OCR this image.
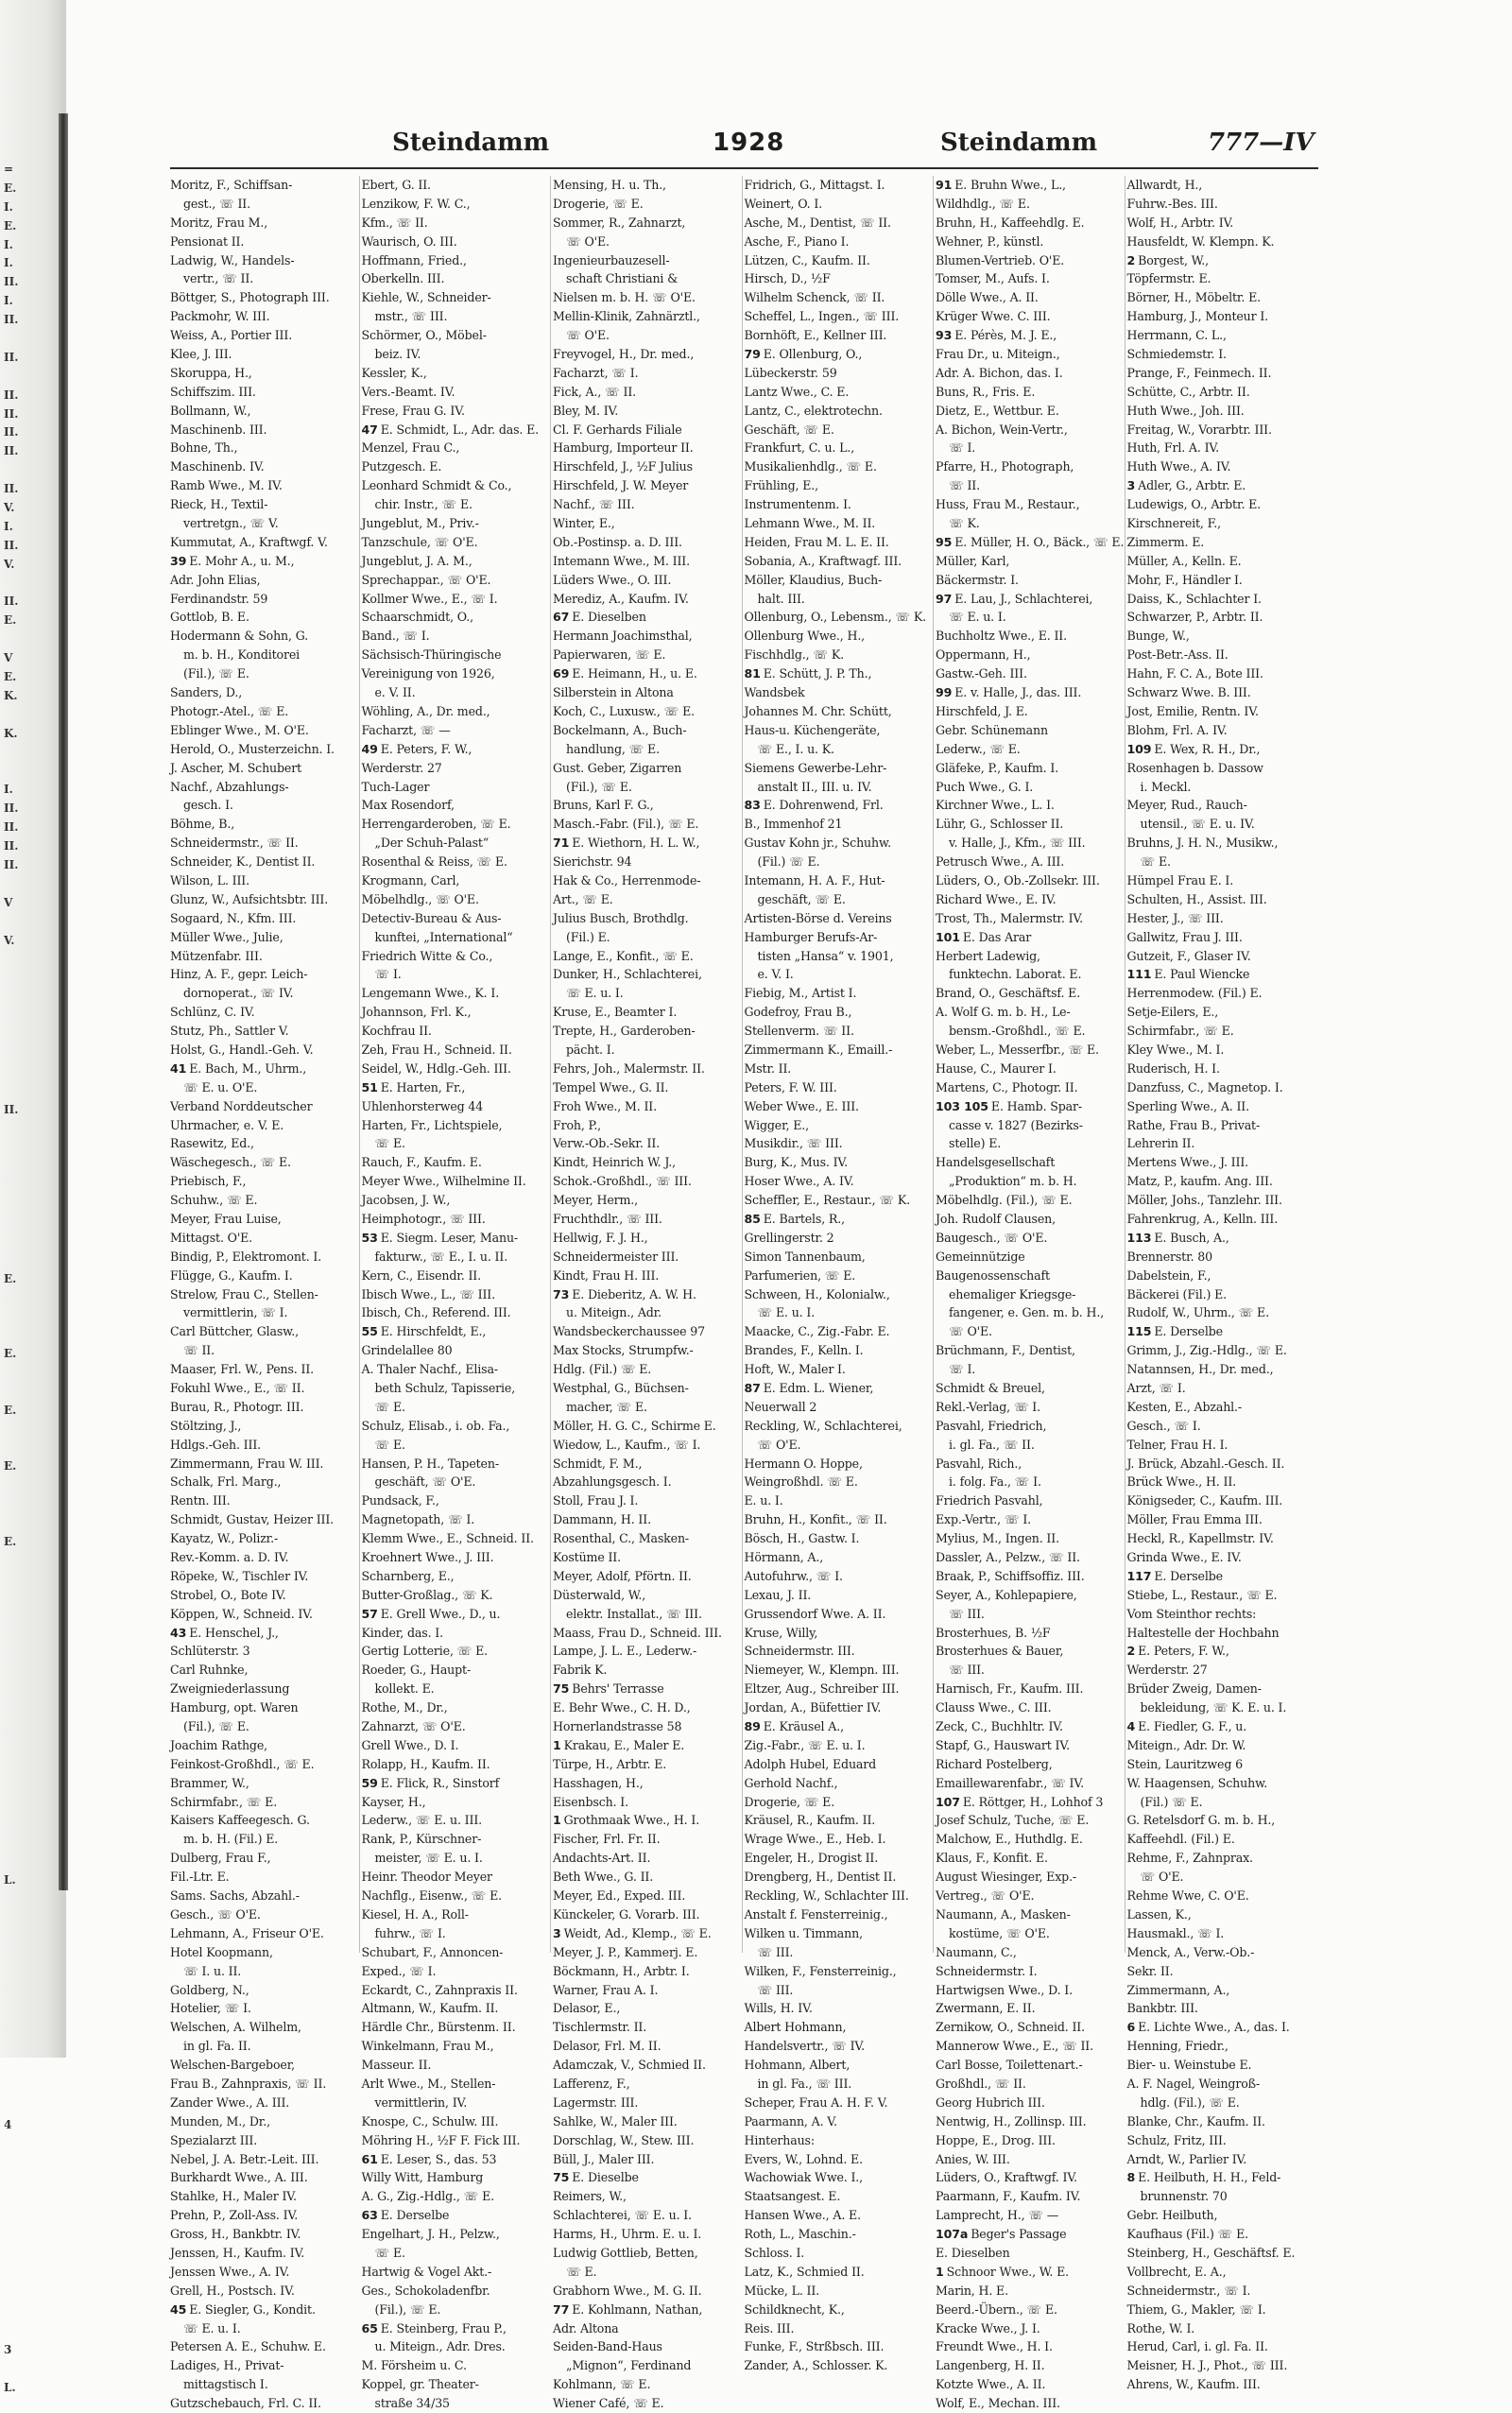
=
E.
I.
E.
I.
I.
II.
I.
II.
II.
II.
II.
II.
II.
II.
V.
I.
II.
V.
II.
E.
V
E.
K.
K.
I.
II.
II.
II.
II.
V
V.
II.
E.
E.
E.
E.
E.
L.
4
3
L.
Steindamm	1928	Steindamm	777—IV
Moritz, F., Schiffsan-
gest., ☏ II.
Moritz, Frau M.,
Pensionat II.
Ladwig, W., Handels-
vertr., ☏ II.
Böttger, S., Photograph III.
Packmohr, W. III.
Weiss, A., Portier III.
Klee, J. III.
Skoruppa, H.,
Schiffszim. III.
Bollmann, W.,
Maschinenb. III.
Bohne, Th.,
Maschinenb. IV.
Ramb Wwe., M. IV.
Rieck, H., Textil-
vertretgn., ☏ V.
Kummutat, A., Kraftwgf. V.
39 E. Mohr A., u. M.,
Adr. John Elias,
Ferdinandstr. 59
Gottlob, B. E.
Hodermann & Sohn, G.
m. b. H., Konditorei
(Fil.), ☏ E.
Sanders, D.,
Photogr.-Atel., ☏ E.
Eblinger Wwe., M. O'E.
Herold, O., Musterzeichn. I.
J. Ascher, M. Schubert
Nachf., Abzahlungs-
gesch. I.
Böhme, B.,
Schneidermstr., ☏ II.
Schneider, K., Dentist II.
Wilson, L. III.
Glunz, W., Aufsichtsbtr. III.
Sogaard, N., Kfm. III.
Müller Wwe., Julie,
Mützenfabr. III.
Hinz, A. F., gepr. Leich-
dornoperat., ☏ IV.
Schlünz, C. IV.
Stutz, Ph., Sattler V.
Holst, G., Handl.-Geh. V.
41 E. Bach, M., Uhrm.,
☏ E. u. O'E.
Verband Norddeutscher
Uhrmacher, e. V. E.
Rasewitz, Ed.,
Wäschegesch., ☏ E.
Priebisch, F.,
Schuhw., ☏ E.
Meyer, Frau Luise,
Mittagst. O'E.
Bindig, P., Elektromont. I.
Flügge, G., Kaufm. I.
Strelow, Frau C., Stellen-
vermittlerin, ☏ I.
Carl Büttcher, Glasw.,
☏ II.
Maaser, Frl. W., Pens. II.
Fokuhl Wwe., E., ☏ II.
Burau, R., Photogr. III.
Stöltzing, J.,
Hdlgs.-Geh. III.
Zimmermann, Frau W. III.
Schalk, Frl. Marg.,
Rentn. III.
Schmidt, Gustav, Heizer III.
Kayatz, W., Polizr.-
Rev.-Komm. a. D. IV.
Röpeke, W., Tischler IV.
Strobel, O., Bote IV.
Köppen, W., Schneid. IV.
43 E. Henschel, J.,
Schlüterstr. 3
Carl Ruhnke,
Zweigniederlassung
Hamburg, opt. Waren
(Fil.), ☏ E.
Joachim Rathge,
Feinkost-Großhdl., ☏ E.
Brammer, W.,
Schirmfabr., ☏ E.
Kaisers Kaffeegesch. G.
m. b. H. (Fil.) E.
Dulberg, Frau F.,
Fil.-Ltr. E.
Sams. Sachs, Abzahl.-
Gesch., ☏ O'E.
Lehmann, A., Friseur O'E.
Hotel Koopmann,
☏ I. u. II.
Goldberg, N.,
Hotelier, ☏ I.
Welschen, A. Wilhelm,
in gl. Fa. II.
Welschen-Bargeboer,
Frau B., Zahnpraxis, ☏ II.
Zander Wwe., A. III.
Munden, M., Dr.,
Spezialarzt III.
Nebel, J. A. Betr.-Leit. III.
Burkhardt Wwe., A. III.
Stahlke, H., Maler IV.
Prehn, P., Zoll-Ass. IV.
Gross, H., Bankbtr. IV.
Jenssen, H., Kaufm. IV.
Jenssen Wwe., A. IV.
Grell, H., Postsch. IV.
45 E. Siegler, G., Kondit.
☏ E. u. I.
Petersen A. E., Schuhw. E.
Ladiges, H., Privat-
mittagstisch I.
Gutzschebauch, Frl. C. II.
Ebert, G. II.
Lenzikow, F. W. C.,
Kfm., ☏ II.
Waurisch, O. III.
Hoffmann, Fried.,
Oberkelln. III.
Kiehle, W., Schneider-
mstr., ☏ III.
Schörmer, O., Möbel-
beiz. IV.
Kessler, K.,
Vers.-Beamt. IV.
Frese, Frau G. IV.
47 E. Schmidt, L., Adr. das. E.
Menzel, Frau C.,
Putzgesch. E.
Leonhard Schmidt & Co.,
chir. Instr., ☏ E.
Jungeblut, M., Priv.-
Tanzschule, ☏ O'E.
Jungeblut, J. A. M.,
Sprechappar., ☏ O'E.
Kollmer Wwe., E., ☏ I.
Schaarschmidt, O.,
Band., ☏ I.
Sächsisch-Thüringische
Vereinigung von 1926,
e. V. II.
Wöhling, A., Dr. med.,
Facharzt, ☏ —
49 E. Peters, F. W.,
Werderstr. 27
Tuch-Lager
Max Rosendorf,
Herrengarderoben, ☏ E.
„Der Schuh-Palast“
Rosenthal & Reiss, ☏ E.
Krogmann, Carl,
Möbelhdlg., ☏ O'E.
Detectiv-Bureau & Aus-
kunftei, „International“
Friedrich Witte & Co.,
☏ I.
Lengemann Wwe., K. I.
Johannson, Frl. K.,
Kochfrau II.
Zeh, Frau H., Schneid. II.
Seidel, W., Hdlg.-Geh. III.
51 E. Harten, Fr.,
Uhlenhorsterweg 44
Harten, Fr., Lichtspiele,
☏ E.
Rauch, F., Kaufm. E.
Meyer Wwe., Wilhelmine II.
Jacobsen, J. W.,
Heimphotogr., ☏ III.
53 E. Siegm. Leser, Manu-
fakturw., ☏ E., I. u. II.
Kern, C., Eisendr. II.
Ibisch Wwe., L., ☏ III.
Ibisch, Ch., Referend. III.
55 E. Hirschfeldt, E.,
Grindelallee 80
A. Thaler Nachf., Elisa-
beth Schulz, Tapisserie,
☏ E.
Schulz, Elisab., i. ob. Fa.,
☏ E.
Hansen, P. H., Tapeten-
geschäft, ☏ O'E.
Pundsack, F.,
Magnetopath, ☏ I.
Klemm Wwe., E., Schneid. II.
Kroehnert Wwe., J. III.
Scharnberg, E.,
Butter-Großlag., ☏ K.
57 E. Grell Wwe., D., u.
Kinder, das. I.
Gertig Lotterie, ☏ E.
Roeder, G., Haupt-
kollekt. E.
Rothe, M., Dr.,
Zahnarzt, ☏ O'E.
Grell Wwe., D. I.
Rolapp, H., Kaufm. II.
59 E. Flick, R., Sinstorf
Kayser, H.,
Lederw., ☏ E. u. III.
Rank, P., Kürschner-
meister, ☏ E. u. I.
Heinr. Theodor Meyer
Nachflg., Eisenw., ☏ E.
Kiesel, H. A., Roll-
fuhrw., ☏ I.
Schubart, F., Annoncen-
Exped., ☏ I.
Eckardt, C., Zahnpraxis II.
Altmann, W., Kaufm. II.
Härdle Chr., Bürstenm. II.
Winkelmann, Frau M.,
Masseur. II.
Arlt Wwe., M., Stellen-
vermittlerin, IV.
Knospe, C., Schulw. III.
Möhring H., ½F F. Fick III.
61 E. Leser, S., das. 53
Willy Witt, Hamburg
A. G., Zig.-Hdlg., ☏ E.
63 E. Derselbe
Engelhart, J. H., Pelzw.,
☏ E.
Hartwig & Vogel Akt.-
Ges., Schokoladenfbr.
(Fil.), ☏ E.
65 E. Steinberg, Frau P.,
u. Miteign., Adr. Dres.
M. Försheim u. C.
Koppel, gr. Theater-
straße 34/35
Mensing, H. u. Th.,
Drogerie, ☏ E.
Sommer, R., Zahnarzt,
☏ O'E.
Ingenieurbauzesell-
schaft Christiani &
Nielsen m. b. H. ☏ O'E.
Mellin-Klinik, Zahnärztl.,
☏ O'E.
Freyvogel, H., Dr. med.,
Facharzt, ☏ I.
Fick, A., ☏ II.
Bley, M. IV.
Cl. F. Gerhards Filiale
Hamburg, Importeur II.
Hirschfeld, J., ½F Julius
Hirschfeld, J. W. Meyer
Nachf., ☏ III.
Winter, E.,
Ob.-Postinsp. a. D. III.
Intemann Wwe., M. III.
Lüders Wwe., O. III.
Merediz, A., Kaufm. IV.
67 E. Dieselben
Hermann Joachimsthal,
Papierwaren, ☏ E.
69 E. Heimann, H., u. E.
Silberstein in Altona
Koch, C., Luxusw., ☏ E.
Bockelmann, A., Buch-
handlung, ☏ E.
Gust. Geber, Zigarren
(Fil.), ☏ E.
Bruns, Karl F. G.,
Masch.-Fabr. (Fil.), ☏ E.
71 E. Wiethorn, H. L. W.,
Sierichstr. 94
Hak & Co., Herrenmode-
Art., ☏ E.
Julius Busch, Brothdlg.
(Fil.) E.
Lange, E., Konfit., ☏ E.
Dunker, H., Schlachterei,
☏ E. u. I.
Kruse, E., Beamter I.
Trepte, H., Garderoben-
pächt. I.
Fehrs, Joh., Malermstr. II.
Tempel Wwe., G. II.
Froh Wwe., M. II.
Froh, P.,
Verw.-Ob.-Sekr. II.
Kindt, Heinrich W. J.,
Schok.-Großhdl., ☏ III.
Meyer, Herm.,
Fruchthdlr., ☏ III.
Hellwig, F. J. H.,
Schneidermeister III.
Kindt, Frau H. III.
73 E. Dieberitz, A. W. H.
u. Miteign., Adr.
Wandsbeckerchaussee 97
Max Stocks, Strumpfw.-
Hdlg. (Fil.) ☏ E.
Westphal, G., Büchsen-
macher, ☏ E.
Möller, H. G. C., Schirme E.
Wiedow, L., Kaufm., ☏ I.
Schmidt, F. M.,
Abzahlungsgesch. I.
Stoll, Frau J. I.
Dammann, H. II.
Rosenthal, C., Masken-
Kostüme II.
Meyer, Adolf, Pförtn. II.
Düsterwald, W.,
elektr. Installat., ☏ III.
Maass, Frau D., Schneid. III.
Lampe, J. L. E., Lederw.-
Fabrik K.
75 Behrs' Terrasse
E. Behr Wwe., C. H. D.,
Hornerlandstrasse 58
1 Krakau, E., Maler E.
Türpe, H., Arbtr. E.
Hasshagen, H.,
Eisenbsch. I.
1 Grothmaak Wwe., H. I.
Fischer, Frl. Fr. II.
Andachts-Art. II.
Beth Wwe., G. II.
Meyer, Ed., Exped. III.
Künckeler, G. Vorarb. III.
3 Weidt, Ad., Klemp., ☏ E.
Meyer, J. P., Kammerj. E.
Böckmann, H., Arbtr. I.
Warner, Frau A. I.
Delasor, E.,
Tischlermstr. II.
Delasor, Frl. M. II.
Adamczak, V., Schmied II.
Lafferenz, F.,
Lagermstr. III.
Sahlke, W., Maler III.
Dorschlag, W., Stew. III.
Büll, J., Maler III.
75 E. Dieselbe
Reimers, W.,
Schlachterei, ☏ E. u. I.
Harms, H., Uhrm. E. u. I.
Ludwig Gottlieb, Betten,
☏ E.
Grabhorn Wwe., M. G. II.
77 E. Kohlmann, Nathan,
Adr. Altona
Seiden-Band-Haus
„Mignon“, Ferdinand
Kohlmann, ☏ E.
Wiener Café, ☏ E.
Fridrich, G., Mittagst. I.
Weinert, O. I.
Asche, M., Dentist, ☏ II.
Asche, F., Piano I.
Lützen, C., Kaufm. II.
Hirsch, D., ½F
Wilhelm Schenck, ☏ II.
Scheffel, L., Ingen., ☏ III.
Bornhöft, E., Kellner III.
79 E. Ollenburg, O.,
Lübeckerstr. 59
Lantz Wwe., C. E.
Lantz, C., elektrotechn.
Geschäft, ☏ E.
Frankfurt, C. u. L.,
Musikalienhdlg., ☏ E.
Frühling, E.,
Instrumentenm. I.
Lehmann Wwe., M. II.
Heiden, Frau M. L. E. II.
Sobania, A., Kraftwagf. III.
Möller, Klaudius, Buch-
halt. III.
Ollenburg, O., Lebensm., ☏ K.
Ollenburg Wwe., H.,
Fischhdlg., ☏ K.
81 E. Schütt, J. P. Th.,
Wandsbek
Johannes M. Chr. Schütt,
Haus-u. Küchengeräte,
☏ E., I. u. K.
Siemens Gewerbe-Lehr-
anstalt II., III. u. IV.
83 E. Dohrenwend, Frl.
B., Immenhof 21
Gustav Kohn jr., Schuhw.
(Fil.) ☏ E.
Intemann, H. A. F., Hut-
geschäft, ☏ E.
Artisten-Börse d. Vereins
Hamburger Berufs-Ar-
tisten „Hansa“ v. 1901,
e. V. I.
Fiebig, M., Artist I.
Godefroy, Frau B.,
Stellenverm. ☏ II.
Zimmermann K., Emaill.-
Mstr. II.
Peters, F. W. III.
Weber Wwe., E. III.
Wigger, E.,
Musikdir., ☏ III.
Burg, K., Mus. IV.
Hoser Wwe., A. IV.
Scheffler, E., Restaur., ☏ K.
85 E. Bartels, R.,
Grellingerstr. 2
Simon Tannenbaum,
Parfumerien, ☏ E.
Schween, H., Kolonialw.,
☏ E. u. I.
Maacke, C., Zig.-Fabr. E.
Brandes, F., Kelln. I.
Hoft, W., Maler I.
87 E. Edm. L. Wiener,
Neuerwall 2
Reckling, W., Schlachterei,
☏ O'E.
Hermann O. Hoppe,
Weingroßhdl. ☏ E.
E. u. I.
Bruhn, H., Konfit., ☏ II.
Bösch, H., Gastw. I.
Hörmann, A.,
Autofuhrw., ☏ I.
Lexau, J. II.
Grussendorf Wwe. A. II.
Kruse, Willy,
Schneidermstr. III.
Niemeyer, W., Klempn. III.
Eltzer, Aug., Schreiber III.
Jordan, A., Büfettier IV.
89 E. Kräusel A.,
Zig.-Fabr., ☏ E. u. I.
Adolph Hubel, Eduard
Gerhold Nachf.,
Drogerie, ☏ E.
Kräusel, R., Kaufm. II.
Wrage Wwe., E., Heb. I.
Engeler, H., Drogist II.
Drengberg, H., Dentist II.
Reckling, W., Schlachter III.
Anstalt f. Fensterreinig.,
Wilken u. Timmann,
☏ III.
Wilken, F., Fensterreinig.,
☏ III.
Wills, H. IV.
Albert Hohmann,
Handelsvertr., ☏ IV.
Hohmann, Albert,
in gl. Fa., ☏ III.
Scheper, Frau A. H. F. V.
Paarmann, A. V.
Hinterhaus:
Evers, W., Lohnd. E.
Wachowiak Wwe. I.,
Staatsangest. E.
Hansen Wwe., A. E.
Roth, L., Maschin.-
Schloss. I.
Latz, K., Schmied II.
Mücke, L. II.
Schildknecht, K.,
Reis. III.
Funke, F., Strßbsch. III.
Zander, A., Schlosser. K.
91 E. Bruhn Wwe., L.,
Wildhdlg., ☏ E.
Bruhn, H., Kaffeehdlg. E.
Wehner, P., künstl.
Blumen-Vertrieb. O'E.
Tomser, M., Aufs. I.
Dölle Wwe., A. II.
Krüger Wwe. C. III.
93 E. Pérès, M. J. E.,
Frau Dr., u. Miteign.,
Adr. A. Bichon, das. I.
Buns, R., Fris. E.
Dietz, E., Wettbur. E.
A. Bichon, Wein-Vertr.,
☏ I.
Pfarre, H., Photograph,
☏ II.
Huss, Frau M., Restaur.,
☏ K.
95 E. Müller, H. O., Bäck., ☏ E.
Müller, Karl,
Bäckermstr. I.
97 E. Lau, J., Schlachterei,
☏ E. u. I.
Buchholtz Wwe., E. II.
Oppermann, H.,
Gastw.-Geh. III.
99 E. v. Halle, J., das. III.
Hirschfeld, J. E.
Gebr. Schünemann
Lederw., ☏ E.
Gläfeke, P., Kaufm. I.
Puch Wwe., G. I.
Kirchner Wwe., L. I.
Lühr, G., Schlosser II.
v. Halle, J., Kfm., ☏ III.
Petrusch Wwe., A. III.
Lüders, O., Ob.-Zollsekr. III.
Richard Wwe., E. IV.
Trost, Th., Malermstr. IV.
101 E. Das Arar
Herbert Ladewig,
funktechn. Laborat. E.
Brand, O., Geschäftsf. E.
A. Wolf G. m. b. H., Le-
bensm.-Großhdl., ☏ E.
Weber, L., Messerfbr., ☏ E.
Hause, C., Maurer I.
Martens, C., Photogr. II.
103 105 E. Hamb. Spar-
casse v. 1827 (Bezirks-
stelle) E.
Handelsgesellschaft
„Produktion“ m. b. H.
Möbelhdlg. (Fil.), ☏ E.
Joh. Rudolf Clausen,
Baugesch., ☏ O'E.
Gemeinnützige
Baugenossenschaft
ehemaliger Kriegsge-
fangener, e. Gen. m. b. H.,
☏ O'E.
Brüchmann, F., Dentist,
☏ I.
Schmidt & Breuel,
Rekl.-Verlag, ☏ I.
Pasvahl, Friedrich,
i. gl. Fa., ☏ II.
Pasvahl, Rich.,
i. folg. Fa., ☏ I.
Friedrich Pasvahl,
Exp.-Vertr., ☏ I.
Mylius, M., Ingen. II.
Dassler, A., Pelzw., ☏ II.
Braak, P., Schiffsoffiz. III.
Seyer, A., Kohlepapiere,
☏ III.
Brosterhues, B. ½F
Brosterhues & Bauer,
☏ III.
Harnisch, Fr., Kaufm. III.
Clauss Wwe., C. III.
Zeck, C., Buchhltr. IV.
Stapf, G., Hauswart IV.
Richard Postelberg,
Emaillewarenfabr., ☏ IV.
107 E. Röttger, H., Lohhof 3
Josef Schulz, Tuche, ☏ E.
Malchow, E., Huthdlg. E.
Klaus, F., Konfit. E.
August Wiesinger, Exp.-
Vertreg., ☏ O'E.
Naumann, A., Masken-
kostüme, ☏ O'E.
Naumann, C.,
Schneidermstr. I.
Hartwigsen Wwe., D. I.
Zwermann, E. II.
Zernikow, O., Schneid. II.
Mannerow Wwe., E., ☏ II.
Carl Bosse, Toilettenart.-
Großhdl., ☏ II.
Georg Hubrich III.
Nentwig, H., Zollinsp. III.
Hoppe, E., Drog. III.
Anies, W. III.
Lüders, O., Kraftwgf. IV.
Paarmann, F., Kaufm. IV.
Lamprecht, H., ☏ —
107a Beger's Passage
E. Dieselben
1 Schnoor Wwe., W. E.
Marin, H. E.
Beerd.-Übern., ☏ E.
Kracke Wwe., J. I.
Freundt Wwe., H. I.
Langenberg, H. II.
Kotzte Wwe., A. II.
Wolf, E., Mechan. III.
Allwardt, H.,
Fuhrw.-Bes. III.
Wolf, H., Arbtr. IV.
Hausfeldt, W. Klempn. K.
2 Borgest, W.,
Töpfermstr. E.
Börner, H., Möbeltr. E.
Hamburg, J., Monteur I.
Herrmann, C. L.,
Schmiedemstr. I.
Prange, F., Feinmech. II.
Schütte, C., Arbtr. II.
Huth Wwe., Joh. III.
Freitag, W., Vorarbtr. III.
Huth, Frl. A. IV.
Huth Wwe., A. IV.
3 Adler, G., Arbtr. E.
Ludewigs, O., Arbtr. E.
Kirschnereit, F.,
Zimmerm. E.
Müller, A., Kelln. E.
Mohr, F., Händler I.
Daiss, K., Schlachter I.
Schwarzer, P., Arbtr. II.
Bunge, W.,
Post-Betr.-Ass. II.
Hahn, F. C. A., Bote III.
Schwarz Wwe. B. III.
Jost, Emilie, Rentn. IV.
Blohm, Frl. A. IV.
109 E. Wex, R. H., Dr.,
Rosenhagen b. Dassow
i. Meckl.
Meyer, Rud., Rauch-
utensil., ☏ E. u. IV.
Bruhns, J. H. N., Musikw.,
☏ E.
Hümpel Frau E. I.
Schulten, H., Assist. III.
Hester, J., ☏ III.
Gallwitz, Frau J. III.
Gutzeit, F., Glaser IV.
111 E. Paul Wiencke
Herrenmodew. (Fil.) E.
Setje-Eilers, E.,
Schirmfabr., ☏ E.
Kley Wwe., M. I.
Ruderisch, H. I.
Danzfuss, C., Magnetop. I.
Sperling Wwe., A. II.
Rathe, Frau B., Privat-
Lehrerin II.
Mertens Wwe., J. III.
Matz, P., kaufm. Ang. III.
Möller, Johs., Tanzlehr. III.
Fahrenkrug, A., Kelln. III.
113 E. Busch, A.,
Brennerstr. 80
Dabelstein, F.,
Bäckerei (Fil.) E.
Rudolf, W., Uhrm., ☏ E.
115 E. Derselbe
Grimm, J., Zig.-Hdlg., ☏ E.
Natannsen, H., Dr. med.,
Arzt, ☏ I.
Kesten, E., Abzahl.-
Gesch., ☏ I.
Telner, Frau H. I.
J. Brück, Abzahl.-Gesch. II.
Brück Wwe., H. II.
Königseder, C., Kaufm. III.
Möller, Frau Emma III.
Heckl, R., Kapellmstr. IV.
Grinda Wwe., E. IV.
117 E. Derselbe
Stiebe, L., Restaur., ☏ E.
Vom Steinthor rechts:
Haltestelle der Hochbahn
2 E. Peters, F. W.,
Werderstr. 27
Brüder Zweig, Damen-
bekleidung, ☏ K. E. u. I.
4 E. Fiedler, G. F., u.
Miteign., Adr. Dr. W.
Stein, Lauritzweg 6
W. Haagensen, Schuhw.
(Fil.) ☏ E.
G. Retelsdorf G. m. b. H.,
Kaffeehdl. (Fil.) E.
Rehme, F., Zahnprax.
☏ O'E.
Rehme Wwe, C. O'E.
Lassen, K.,
Hausmakl., ☏ I.
Menck, A., Verw.-Ob.-
Sekr. II.
Zimmermann, A.,
Bankbtr. III.
6 E. Lichte Wwe., A., das. I.
Henning, Friedr.,
Bier- u. Weinstube E.
A. F. Nagel, Weingroß-
hdlg. (Fil.), ☏ E.
Blanke, Chr., Kaufm. II.
Schulz, Fritz, III.
Arndt, W., Parlier IV.
8 E. Heilbuth, H. H., Feld-
brunnenstr. 70
Gebr. Heilbuth,
Kaufhaus (Fil.) ☏ E.
Steinberg, H., Geschäftsf. E.
Vollbrecht, E. A.,
Schneidermstr., ☏ I.
Thiem, G., Makler, ☏ I.
Rothe, W. I.
Herud, Carl, i. gl. Fa. II.
Meisner, H. J., Phot., ☏ III.
Ahrens, W., Kaufm. III.
